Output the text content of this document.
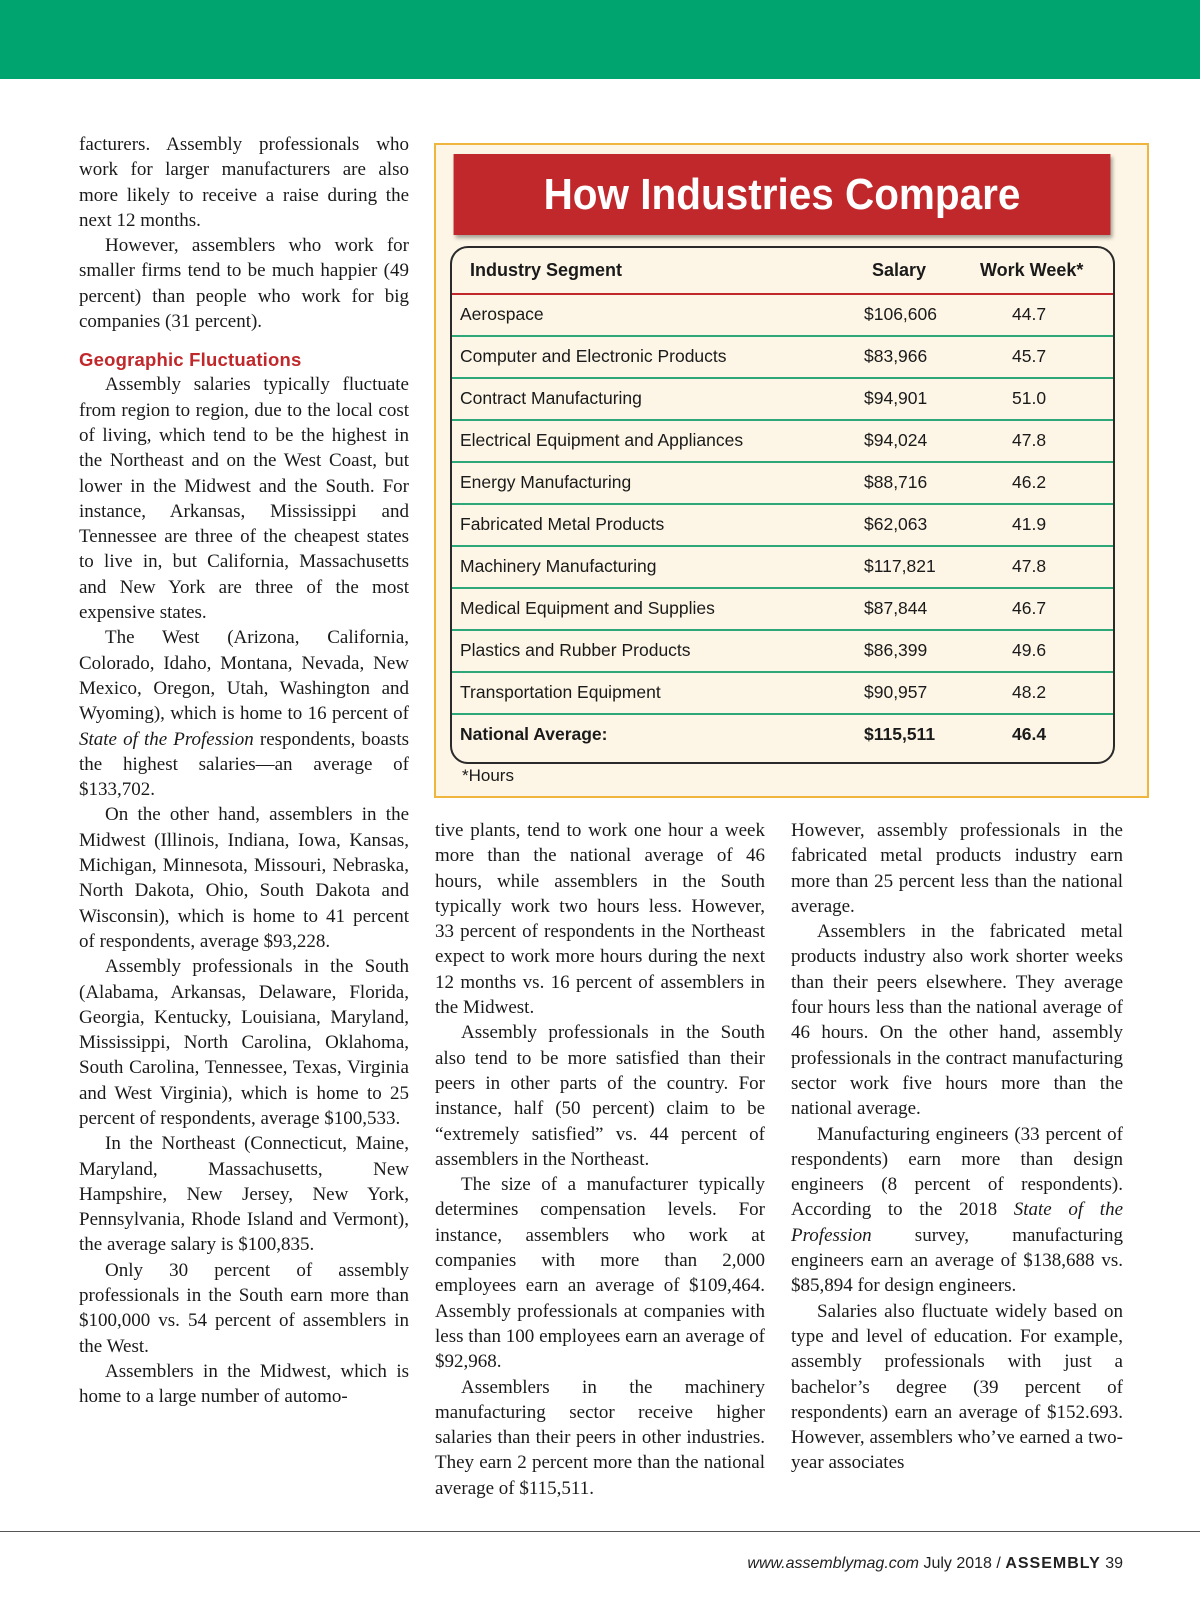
facturers. Assembly professionals who work for larger manufacturers are also more likely to receive a raise during the next 12 months.

However, assemblers who work for smaller firms tend to be much happier (49 percent) than people who work for big companies (31 percent).

Geographic Fluctuations

Assembly salaries typically fluctuate from region to region, due to the local cost of living, which tend to be the highest in the Northeast and on the West Coast, but lower in the Midwest and the South. For instance, Arkansas, Mississippi and Tennessee are three of the cheapest states to live in, but California, Massachusetts and New York are three of the most expensive states.

The West (Arizona, California, Colorado, Idaho, Montana, Nevada, New Mexico, Oregon, Utah, Washington and Wyoming), which is home to 16 percent of State of the Profession respondents, boasts the highest salaries—an average of $133,702.

On the other hand, assemblers in the Midwest (Illinois, Indiana, Iowa, Kansas, Michigan, Minnesota, Missouri, Nebraska, North Dakota, Ohio, South Dakota and Wisconsin), which is home to 41 percent of respondents, average $93,228.

Assembly professionals in the South (Alabama, Arkansas, Delaware, Florida, Georgia, Kentucky, Louisiana, Maryland, Mississippi, North Carolina, Oklahoma, South Carolina, Tennessee, Texas, Virginia and West Virginia), which is home to 25 percent of respondents, average $100,533.

In the Northeast (Connecticut, Maine, Maryland, Massachusetts, New Hampshire, New Jersey, New York, Pennsylvania, Rhode Island and Vermont), the average salary is $100,835.

Only 30 percent of assembly professionals in the South earn more than $100,000 vs. 54 percent of assemblers in the West.

Assemblers in the Midwest, which is home to a large number of automo-

How Industries Compare
Industry Segment	Salary	Work Week*
Aerospace	$106,606	44.7
Computer and Electronic Products	$83,966	45.7
Contract Manufacturing	$94,901	51.0
Electrical Equipment and Appliances	$94,024	47.8
Energy Manufacturing	$88,716	46.2
Fabricated Metal Products	$62,063	41.9
Machinery Manufacturing	$117,821	47.8
Medical Equipment and Supplies	$87,844	46.7
Plastics and Rubber Products	$86,399	49.6
Transportation Equipment	$90,957	48.2
National Average:	$115,511	46.4
*Hours

tive plants, tend to work one hour a week more than the national average of 46 hours, while assemblers in the South typically work two hours less. However, 33 percent of respondents in the Northeast expect to work more hours during the next 12 months vs. 16 percent of assemblers in the Midwest.

Assembly professionals in the South also tend to be more satisfied than their peers in other parts of the country. For instance, half (50 percent) claim to be “extremely satisfied” vs. 44 percent of assemblers in the Northeast.

The size of a manufacturer typically determines compensation levels. For instance, assemblers who work at companies with more than 2,000 employees earn an average of $109,464. Assembly professionals at companies with less than 100 employees earn an average of $92,968.

Assemblers in the machinery manufacturing sector receive higher salaries than their peers in other industries. They earn 2 percent more than the national average of $115,511.

However, assembly professionals in the fabricated metal products industry earn more than 25 percent less than the national average.

Assemblers in the fabricated metal products industry also work shorter weeks than their peers elsewhere. They average four hours less than the national average of 46 hours. On the other hand, assembly professionals in the contract manufacturing sector work five hours more than the national average.

Manufacturing engineers (33 percent of respondents) earn more than design engineers (8 percent of respondents). According to the 2018 State of the Profession survey, manufacturing engineers earn an average of $138,688 vs. $85,894 for design engineers.

Salaries also fluctuate widely based on type and level of education. For example, assembly professionals with just a bachelor’s degree (39 percent of respondents) earn an average of $152.693. However, assemblers who’ve earned a two-year associates

www.assemblymag.com July 2018 / ASSEMBLY 39
